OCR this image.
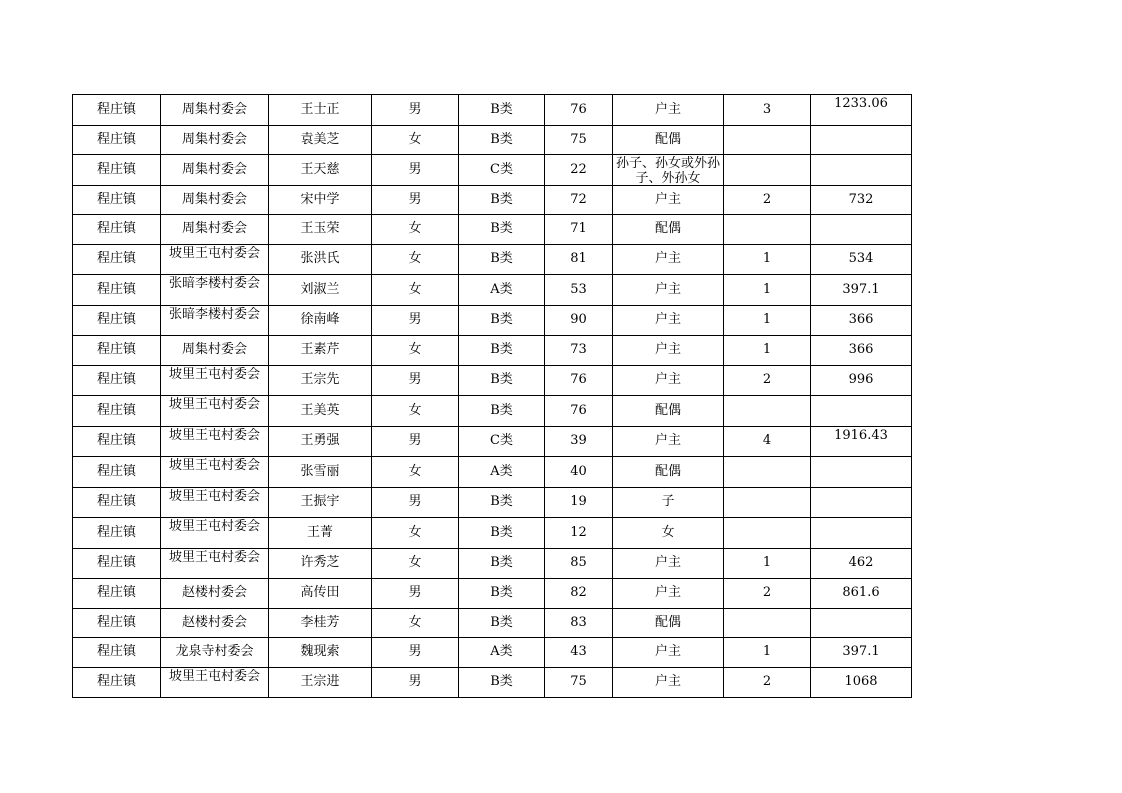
程庄镇	周集村委会	王士正	男	B类	76	户主	3	1233.06

程庄镇	周集村委会	袁美芝	女	B类	75	配偶		
程庄镇	周集村委会	王天慈	男	C类	22	孙子、孙女或外孙子、外孙女		

程庄镇	周集村委会	宋中学	男	B类	72	户主	2	732
程庄镇	周集村委会	王玉荣	女	B类	71	配偶		
程庄镇	坡里王屯村委会	张洪氏	女	B类	81	户主	1	534
程庄镇	张暗李楼村委会	刘淑兰	女	A类	53	户主	1	397.1
程庄镇	张暗李楼村委会	徐南峰	男	B类	90	户主	1	366
程庄镇	周集村委会	王素芹	女	B类	73	户主	1	366
程庄镇	坡里王屯村委会	王宗先	男	B类	76	户主	2	996
程庄镇	坡里王屯村委会	王美英	女	B类	76	配偶		
程庄镇	坡里王屯村委会	王勇强	男	C类	39	户主	4	1916.43

程庄镇	坡里王屯村委会	张雪丽	女	A类	40	配偶		
程庄镇	坡里王屯村委会	王振宇	男	B类	19	子		
程庄镇	坡里王屯村委会	王菁	女	B类	12	女		
程庄镇	坡里王屯村委会	许秀芝	女	B类	85	户主	1	462
程庄镇	赵楼村委会	高传田	男	B类	82	户主	2	861.6
程庄镇	赵楼村委会	李桂芳	女	B类	83	配偶		
程庄镇	龙泉寺村委会	魏现索	男	A类	43	户主	1	397.1
程庄镇	坡里王屯村委会	王宗进	男	B类	75	户主	2	1068
